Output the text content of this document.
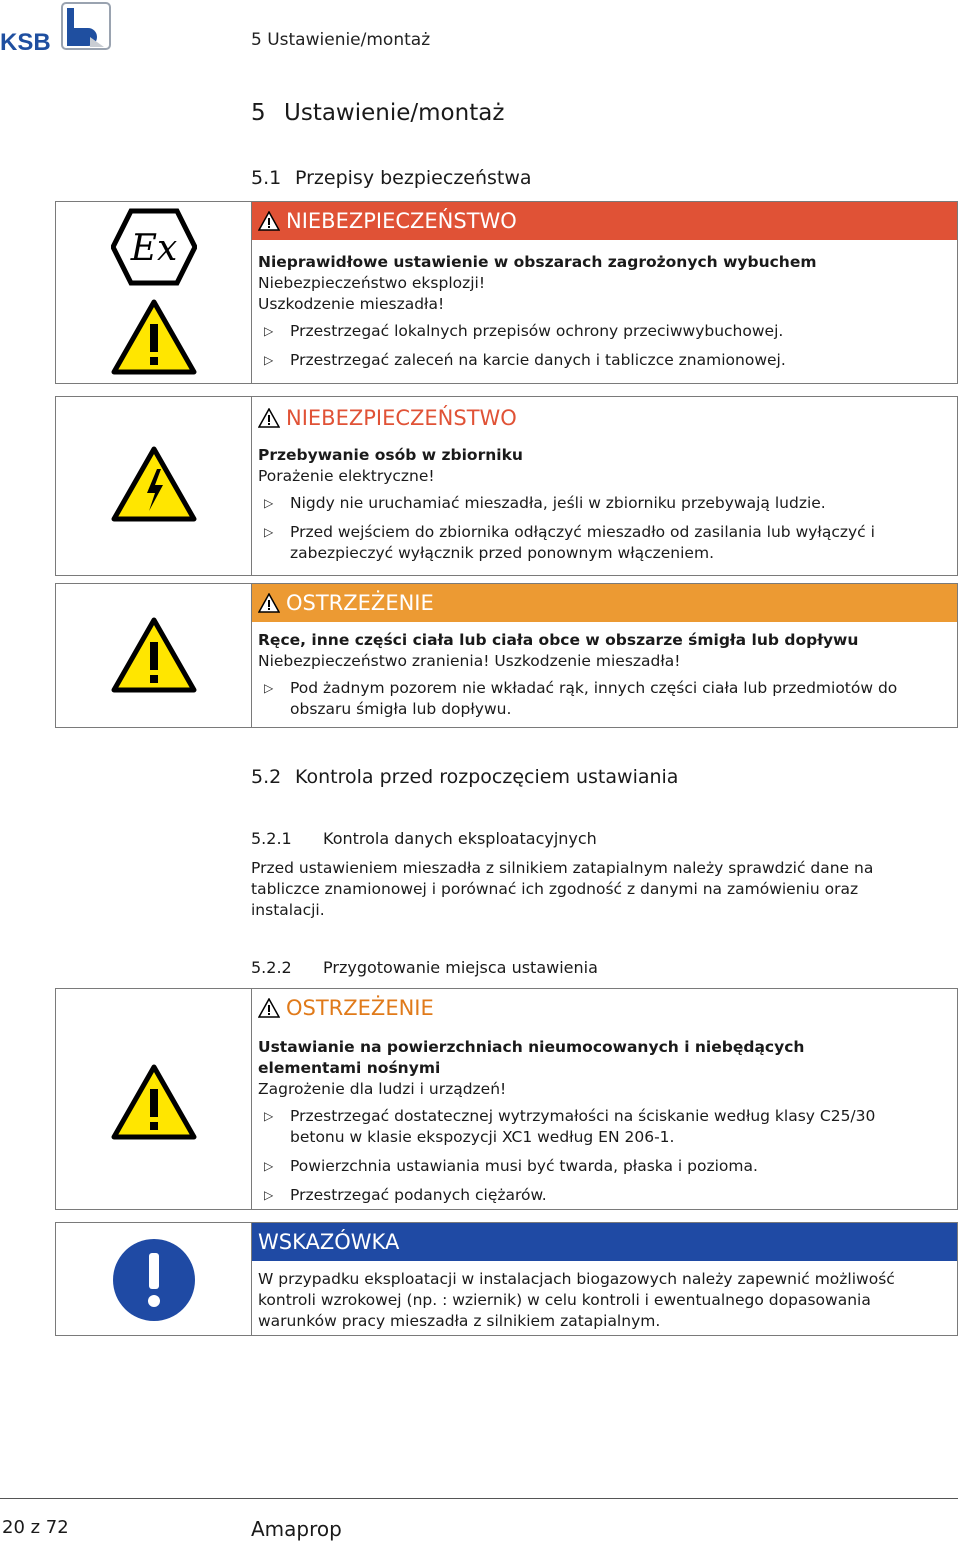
KSB	5 Ustawienie/montaż
5 Ustawienie/montaż
5.1 Przepisy bezpieczeństwa
Ex
NIEBEZPIECZEŃSTWO
Nieprawidłowe ustawienie w obszarach zagrożonych wybuchem
Niebezpieczeństwo eksplozji!
Uszkodzenie mieszadła!
▷ Przestrzegać lokalnych przepisów ochrony przeciwwybuchowej.
▷ Przestrzegać zaleceń na karcie danych i tabliczce znamionowej.
NIEBEZPIECZEŃSTWO
Przebywanie osób w zbiorniku
Porażenie elektryczne!
▷ Nigdy nie uruchamiać mieszadła, jeśli w zbiorniku przebywają ludzie.
▷ Przed wejściem do zbiornika odłączyć mieszadło od zasilania lub wyłączyć i zabezpieczyć wyłącznik przed ponownym włączeniem.
OSTRZEŻENIE
Ręce, inne części ciała lub ciała obce w obszarze śmigła lub dopływu
Niebezpieczeństwo zranienia! Uszkodzenie mieszadła!
▷ Pod żadnym pozorem nie wkładać rąk, innych części ciała lub przedmiotów do obszaru śmigła lub dopływu.
5.2 Kontrola przed rozpoczęciem ustawiania
5.2.1 Kontrola danych eksploatacyjnych
Przed ustawieniem mieszadła z silnikiem zatapialnym należy sprawdzić dane na tabliczce znamionowej i porównać ich zgodność z danymi na zamówieniu oraz instalacji.
5.2.2 Przygotowanie miejsca ustawienia
OSTRZEŻENIE
Ustawianie na powierzchniach nieumocowanych i niebędących elementami nośnymi
Zagrożenie dla ludzi i urządzeń!
▷ Przestrzegać dostatecznej wytrzymałości na ściskanie według klasy C25/30 betonu w klasie ekspozycji XC1 według EN 206-1.
▷ Powierzchnia ustawiania musi być twarda, płaska i pozioma.
▷ Przestrzegać podanych ciężarów.
WSKAZÓWKA
W przypadku eksploatacji w instalacjach biogazowych należy zapewnić możliwość kontroli wzrokowej (np. : wziernik) w celu kontroli i ewentualnego dopasowania warunków pracy mieszadła z silnikiem zatapialnym.
20 z 72	Amaprop
